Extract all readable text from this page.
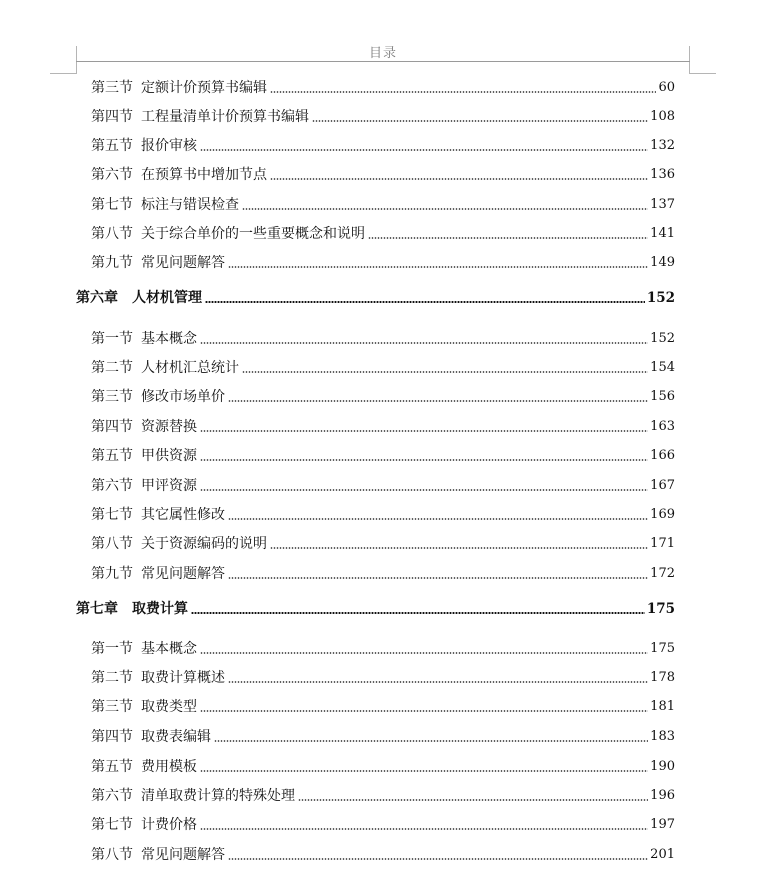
目录
第三节 定额计价预算书编辑	60
第四节 工程量清单计价预算书编辑	108
第五节 报价审核	132
第六节 在预算书中增加节点	136
第七节 标注与错误检查	137
第八节 关于综合单价的一些重要概念和说明	141
第九节 常见问题解答	149
第六章 人材机管理	152
第一节 基本概念	152
第二节 人材机汇总统计	154
第三节 修改市场单价	156
第四节 资源替换	163
第五节 甲供资源	166
第六节 甲评资源	167
第七节 其它属性修改	169
第八节 关于资源编码的说明	171
第九节 常见问题解答	172
第七章 取费计算	175
第一节 基本概念	175
第二节 取费计算概述	178
第三节 取费类型	181
第四节 取费表编辑	183
第五节 费用模板	190
第六节 清单取费计算的特殊处理	196
第七节 计费价格	197
第八节 常见问题解答	201
